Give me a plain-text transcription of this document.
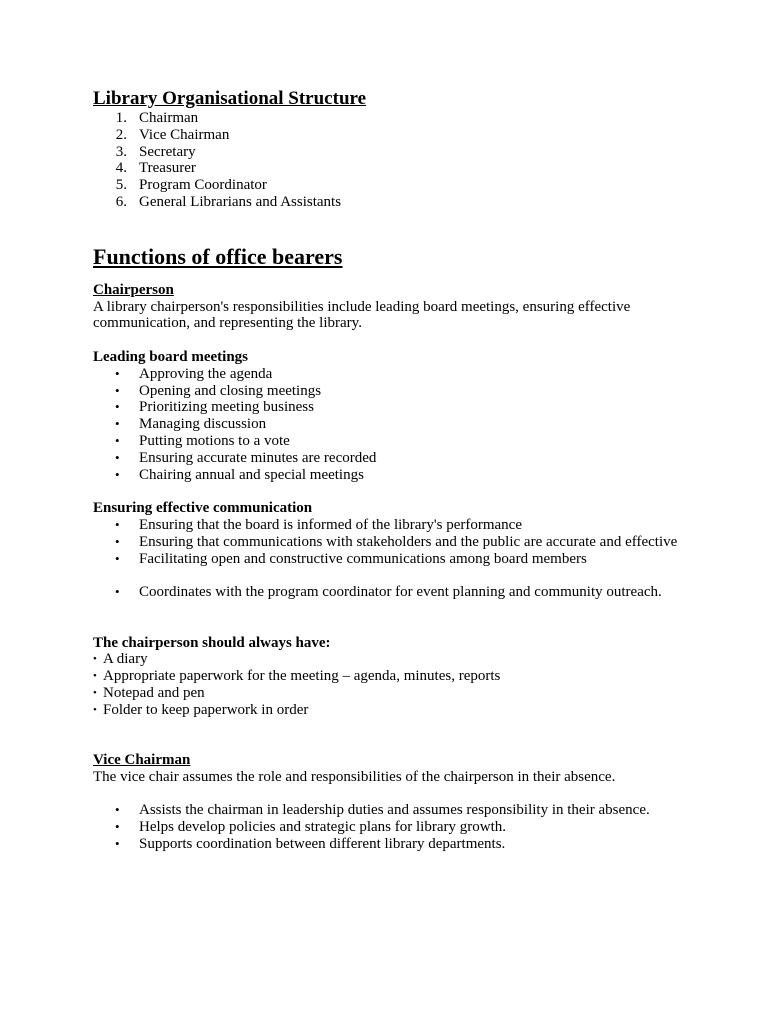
Library Organisational Structure
1. Chairman
2. Vice Chairman
3. Secretary
4. Treasurer
5. Program Coordinator
6. General Librarians and Assistants
Functions of office bearers

Chairperson

A library chairperson's responsibilities include leading board meetings, ensuring effective communication, and representing the library.

Leading board meetings

• Approving the agenda
• Opening and closing meetings
• Prioritizing meeting business
• Managing discussion
• Putting motions to a vote
• Ensuring accurate minutes are recorded
• Chairing annual and special meetings

Ensuring effective communication

• Ensuring that the board is informed of the library's performance
• Ensuring that communications with stakeholders and the public are accurate and effective
• Facilitating open and constructive communications among board members
• Coordinates with the program coordinator for event planning and community outreach.

The chairperson should always have:

• A diary
• Appropriate paperwork for the meeting – agenda, minutes, reports
• Notepad and pen
• Folder to keep paperwork in order

Vice Chairman

The vice chair assumes the role and responsibilities of the chairperson in their absence.

• Assists the chairman in leadership duties and assumes responsibility in their absence.
• Helps develop policies and strategic plans for library growth.
• Supports coordination between different library departments.
